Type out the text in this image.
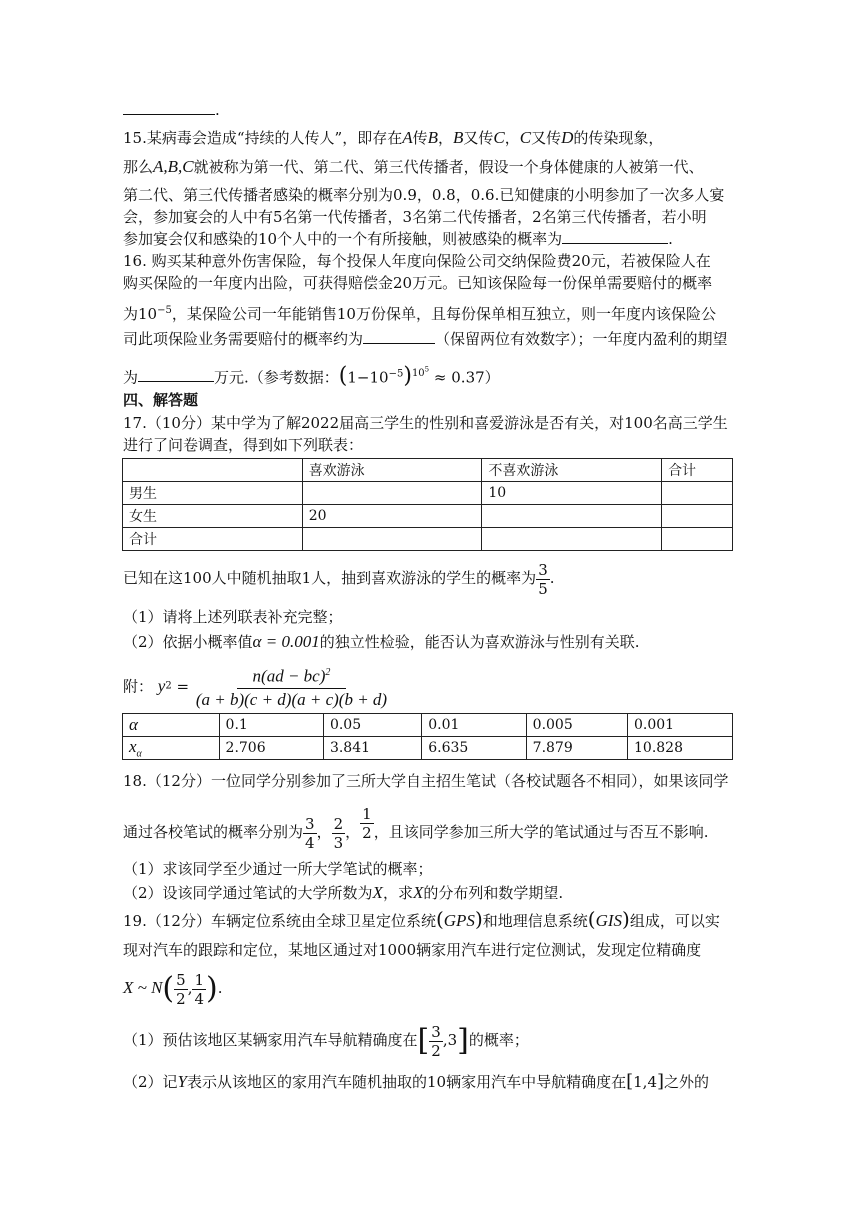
.
15.某病毒会造成“持续的人传人”，即存在A传B，B又传C，C又传D的传染现象，
那么A,B,C就被称为第一代、第二代、第三代传播者，假设一个身体健康的人被第一代、
第二代、第三代传播者感染的概率分别为0.9，0.8，0.6.已知健康的小明参加了一次多人宴
会，参加宴会的人中有5名第一代传播者，3名第二代传播者，2名第三代传播者，若小明
参加宴会仅和感染的10个人中的一个有所接触，则被感染的概率为	.
16. 购买某种意外伤害保险，每个投保人年度向保险公司交纳保险费20元，若被保险人在
购买保险的一年度内出险，可获得赔偿金20万元。已知该保险每一份保单需要赔付的概率
为$10^{-5}$，某保险公司一年能销售10万份保单，且每份保单相互独立，则一年度内该保险公
司此项保险业务需要赔付的概率约为	（保留两位有效数字）；一年度内盈利的期望
为	万元.（参考数据：$(1-10^{-5})^{10^5} \approx 0.37$）
四、解答题
17.（10分）某中学为了解2022届高三学生的性别和喜爱游泳是否有关，对100名高三学生
进行了问卷调查，得到如下列联表：
	喜欢游泳	不喜欢游泳	合计
男生		10	
女生	20		
合计			
已知在这100人中随机抽取1人，抽到喜欢游泳的学生的概率为 $\frac{3}{5}$ .
（1）请将上述列联表补充完整；
（2）依据小概率值α = 0.001的独立性检验，能否认为喜欢游泳与性别有关联.
附： $y2 = \frac{n(ad - bc)^2}{(a + b)(c + d)(a + c)(b + d)}$
α	0.1	0.05	0.01	0.005	0.001
$x_\alpha$	2.706	3.841	6.635	7.879	10.828
18.（12分）一位同学分别参加了三所大学自主招生笔试（各校试题各不相同），如果该同学
通过各校笔试的概率分别为 $\frac{3}{4}$ ， $\frac{2}{3}$ ， $\frac{1}{2}$ ，且该同学参加三所大学的笔试通过与否互不影响.
（1）求该同学至少通过一所大学笔试的概率；
（2）设该同学通过笔试的大学所数为X，求X的分布列和数学期望.
19.（12分）车辆定位系统由全球卫星定位系统(GPS)和地理信息系统(GIS)组成，可以实
现对汽车的跟踪和定位，某地区通过对1000辆家用汽车进行定位测试，发现定位精确度
X ~ $N( \frac{5}{2}$ , $\frac{1}{4}$ ).
（1）预估该地区某辆家用汽车导航精确度在[ $\frac{3}{2} ,3$]的概率；
（2）记Y表示从该地区的家用汽车随机抽取的10辆家用汽车中导航精确度在[1,4]之外的
